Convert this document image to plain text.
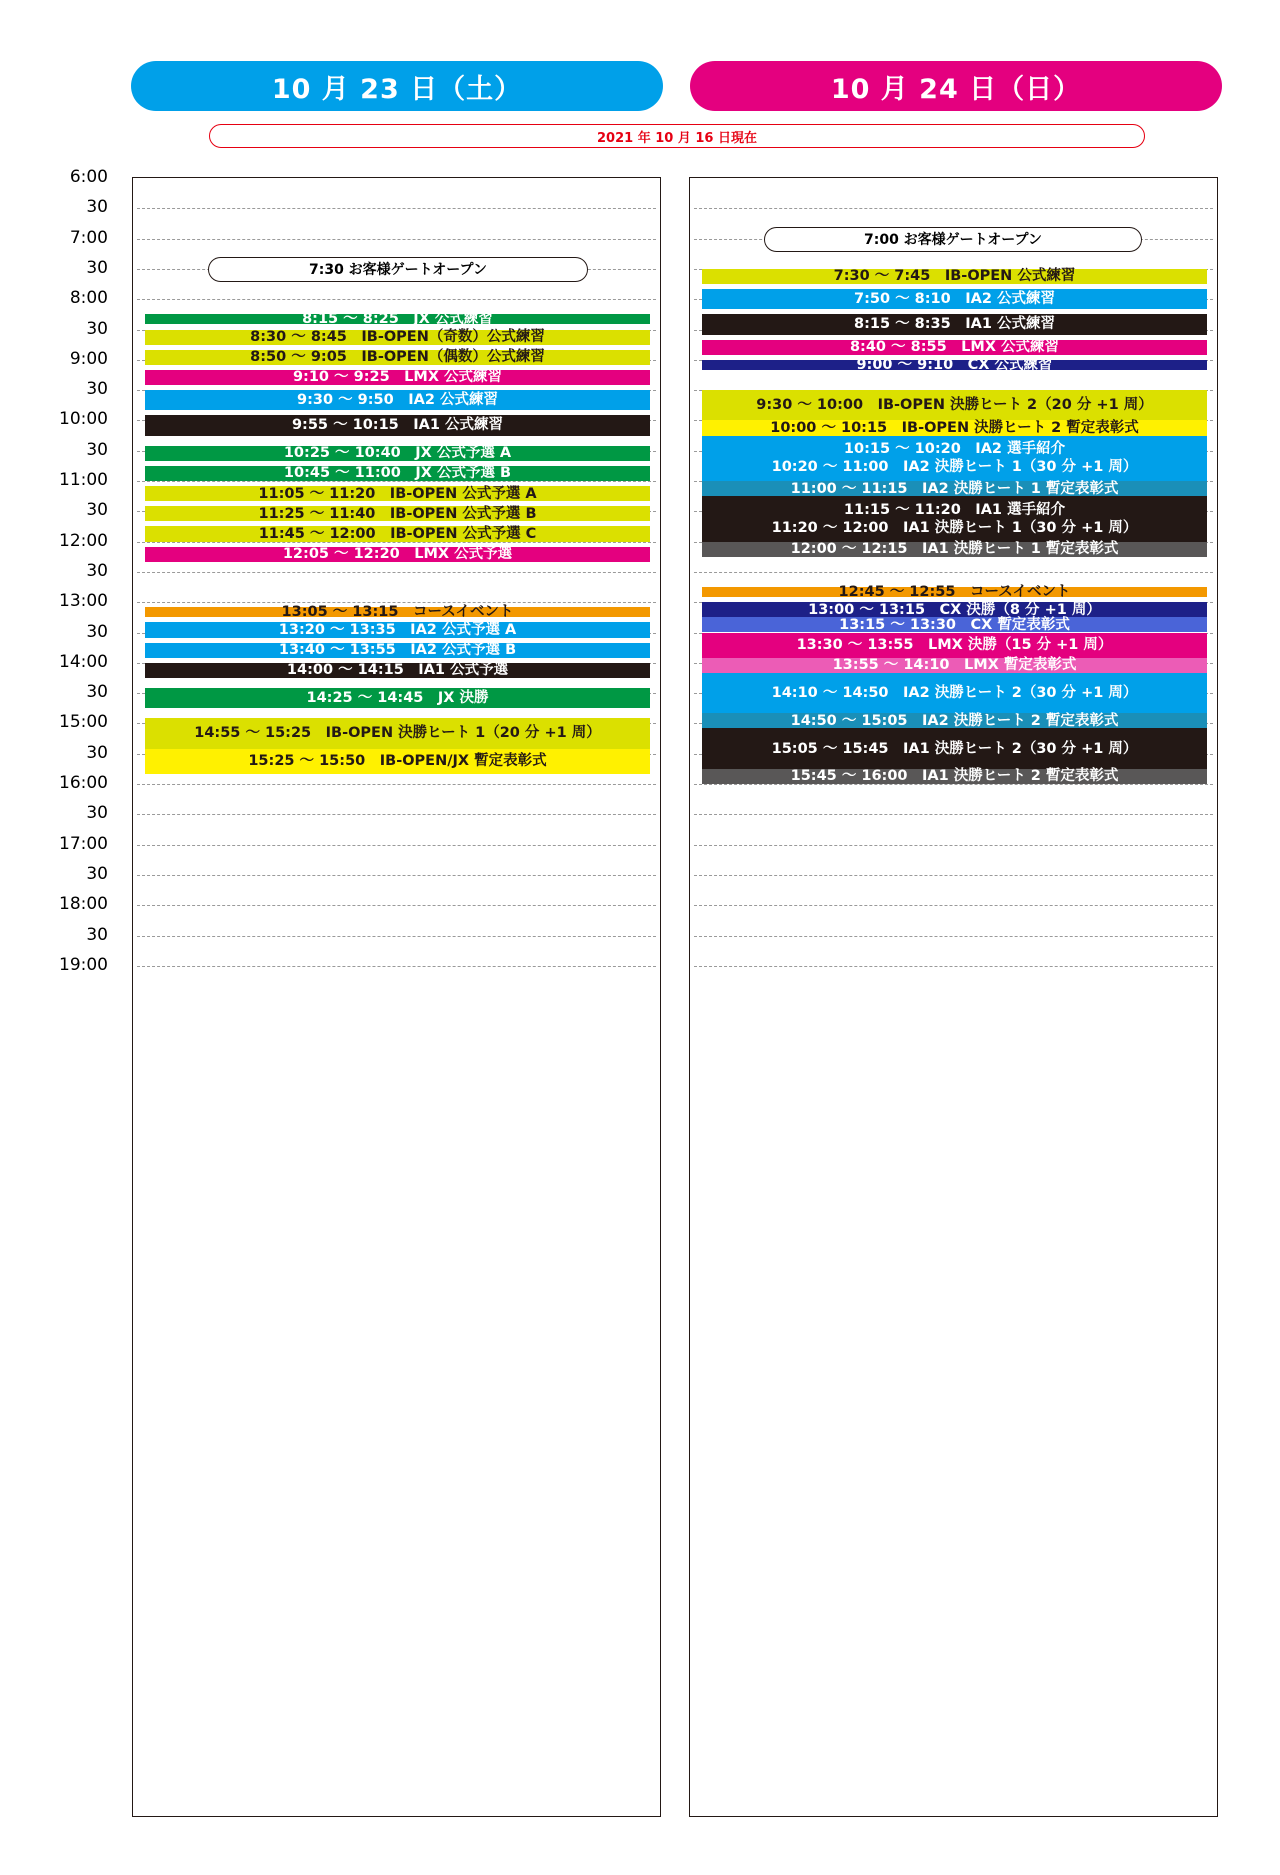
10 月 23 日（土）	10 月 24 日（日）
2021 年 10 月 16 日現在
6:00
30
7:00
30
8:00
30
9:00
30
10:00
30
11:00
30
12:00
30
13:00
30
14:00
30
15:00
30
16:00
30
17:00
30
18:00
30
19:00
7:30 お客様ゲートオープン
8:15 ～ 8:25　JX 公式練習
8:30 ～ 8:45　IB-OPEN（奇数）公式練習
8:50 ～ 9:05　IB-OPEN（偶数）公式練習
9:10 ～ 9:25　LMX 公式練習
9:30 ～ 9:50　IA2 公式練習
9:55 ～ 10:15　IA1 公式練習
10:25 ～ 10:40　JX 公式予選 A
10:45 ～ 11:00　JX 公式予選 B
11:05 ～ 11:20　IB-OPEN 公式予選 A
11:25 ～ 11:40　IB-OPEN 公式予選 B
11:45 ～ 12:00　IB-OPEN 公式予選 C
12:05 ～ 12:20　LMX 公式予選
13:05 ～ 13:15　コースイベント
13:20 ～ 13:35　IA2 公式予選 A
13:40 ～ 13:55　IA2 公式予選 B
14:00 ～ 14:15　IA1 公式予選
14:25 ～ 14:45　JX 決勝
14:55 ～ 15:25　IB-OPEN 決勝ヒート 1（20 分 +1 周）
15:25 ～ 15:50　IB-OPEN/JX 暫定表彰式
7:00 お客様ゲートオープン
7:30 ～ 7:45　IB-OPEN 公式練習
7:50 ～ 8:10　IA2 公式練習
8:15 ～ 8:35　IA1 公式練習
8:40 ～ 8:55　LMX 公式練習
9:00 ～ 9:10　CX 公式練習
9:30 ～ 10:00　IB-OPEN 決勝ヒート 2（20 分 +1 周）
10:00 ～ 10:15　IB-OPEN 決勝ヒート 2 暫定表彰式
10:15 ～ 10:20　IA2 選手紹介
10:20 ～ 11:00　IA2 決勝ヒート 1（30 分 +1 周）
11:00 ～ 11:15　IA2 決勝ヒート 1 暫定表彰式
11:15 ～ 11:20　IA1 選手紹介
11:20 ～ 12:00　IA1 決勝ヒート 1（30 分 +1 周）
12:00 ～ 12:15　IA1 決勝ヒート 1 暫定表彰式
12:45 ～ 12:55　コースイベント
13:00 ～ 13:15　CX 決勝（8 分 +1 周）
13:15 ～ 13:30　CX 暫定表彰式
13:30 ～ 13:55　LMX 決勝（15 分 +1 周）
13:55 ～ 14:10　LMX 暫定表彰式
14:10 ～ 14:50　IA2 決勝ヒート 2（30 分 +1 周）
14:50 ～ 15:05　IA2 決勝ヒート 2 暫定表彰式
15:05 ～ 15:45　IA1 決勝ヒート 2（30 分 +1 周）
15:45 ～ 16:00　IA1 決勝ヒート 2 暫定表彰式
